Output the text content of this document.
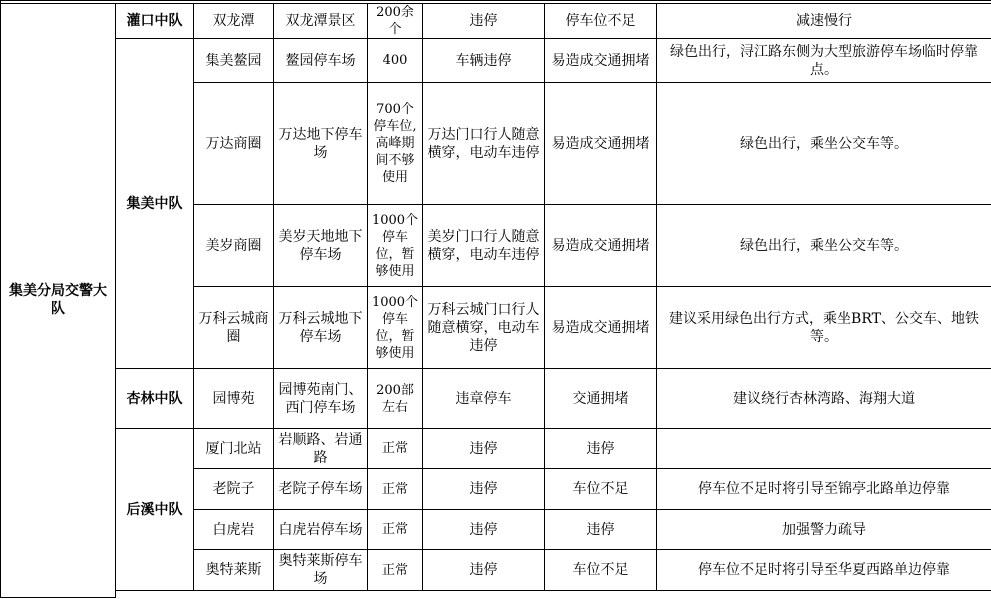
集美分局交警大队	灌口中队	双龙潭	双龙潭景区	200余个	违停	停车位不足	减速慢行
	集美中队	集美鳌园	鳌园停车场	400	车辆违停	易造成交通拥堵	绿色出行，浔江路东侧为大型旅游停车场临时停靠点。
		万达商圈	万达地下停车场	700个停车位,高峰期间不够使用	万达门口行人随意横穿，电动车违停	易造成交通拥堵	绿色出行，乘坐公交车等。
		美岁商圈	美岁天地地下停车场	1000个停车位，暂够使用	美岁门口行人随意横穿，电动车违停	易造成交通拥堵	绿色出行，乘坐公交车等。
		万科云城商圈	万科云城地下停车场	1000个停车位，暂够使用	万科云城门口行人随意横穿，电动车违停	易造成交通拥堵	建议采用绿色出行方式，乘坐BRT、公交车、地铁等。
	杏林中队	园博苑	园博苑南门、西门停车场	200部左右	违章停车	交通拥堵	建议绕行杏林湾路、海翔大道
	后溪中队	厦门北站	岩顺路、岩通路	正常	违停	违停	
		老院子	老院子停车场	正常	违停	车位不足	停车位不足时将引导至锦亭北路单边停靠
		白虎岩	白虎岩停车场	正常	违停	违停	加强警力疏导
		奥特莱斯	奥特莱斯停车场	正常	违停	车位不足	停车位不足时将引导至华夏西路单边停靠
